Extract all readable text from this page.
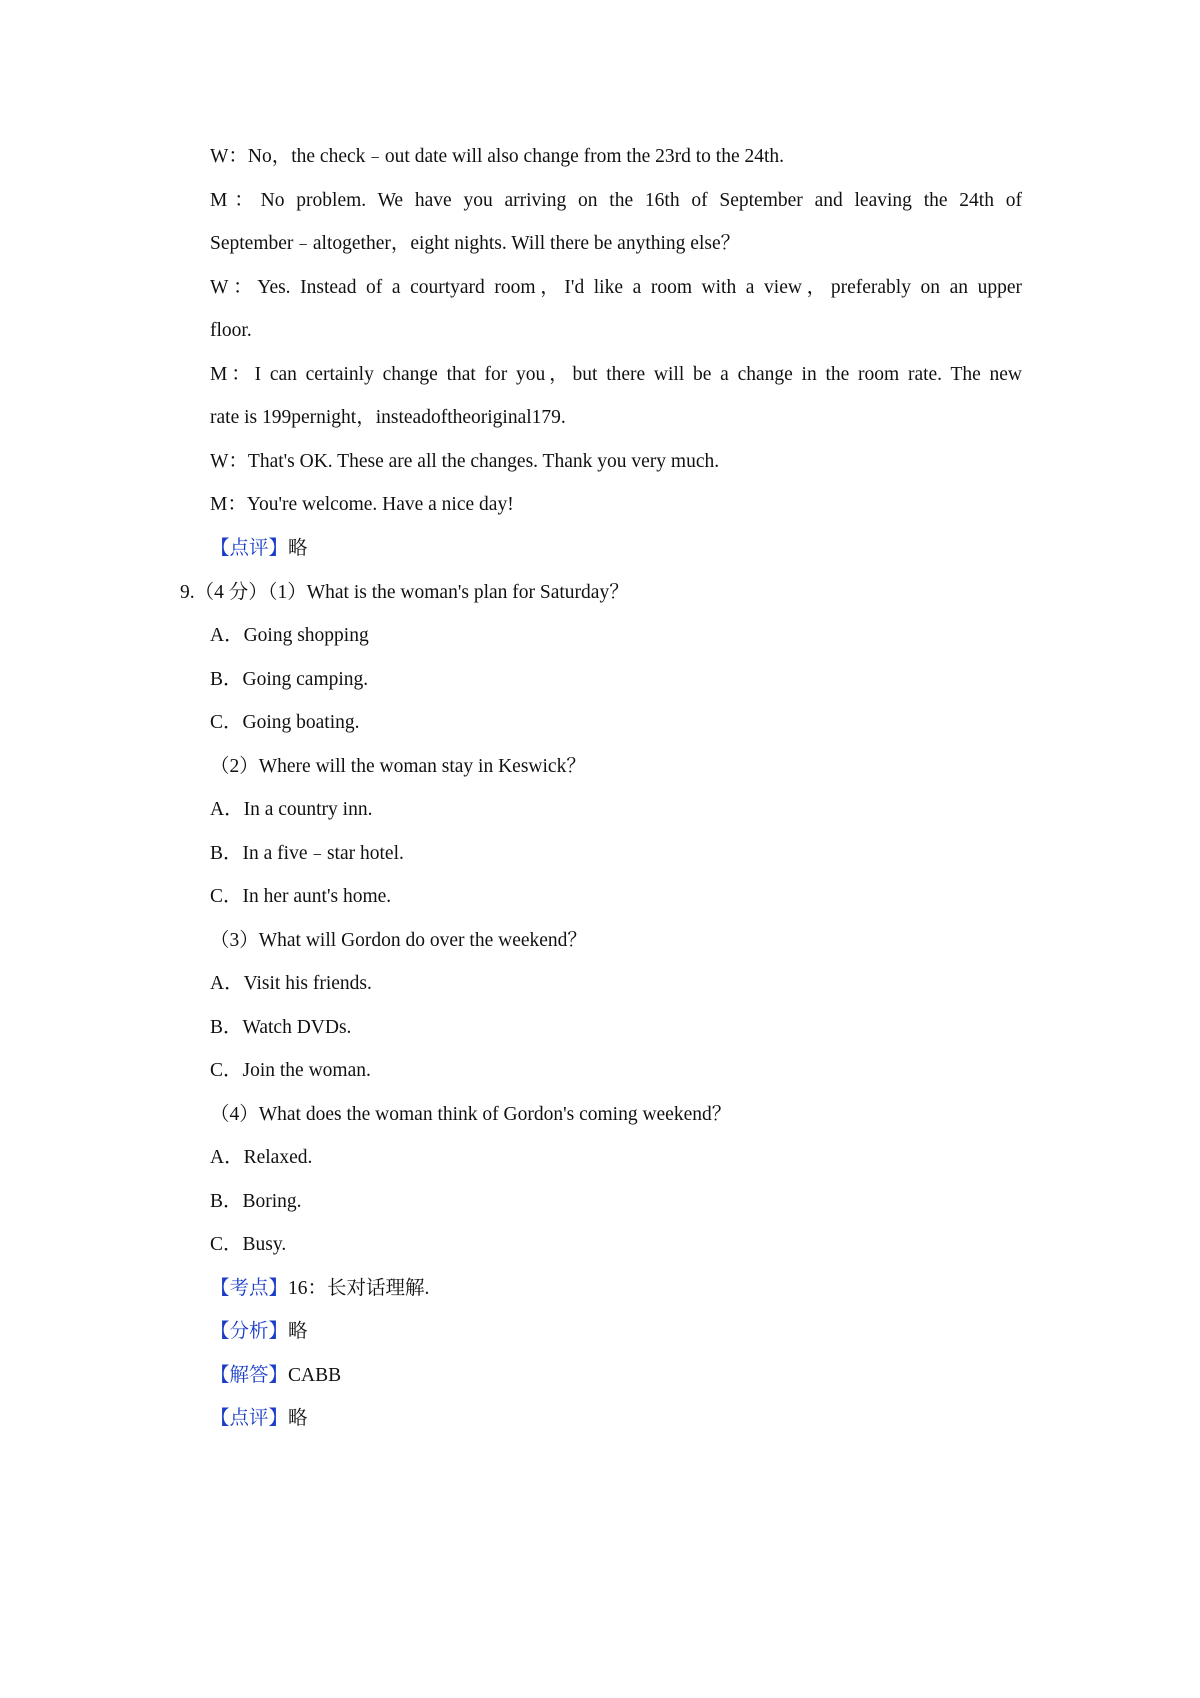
W：No，the check﹣out date will also change from the 23rd to the 24th.
M：No problem. We have you arriving on the 16th of September and leaving the 24th of
September﹣altogether，eight nights. Will there be anything else？
W：Yes. Instead of a courtyard room，I'd like a room with a view，preferably on an upper
floor.
M：I can certainly change that for you，but there will be a change in the room rate. The new
rate is 199pernight，insteadoftheoriginal179.
W：That's OK. These are all the changes. Thank you very much.
M：You're welcome. Have a nice day!
【点评】略
9.（4 分）（1）What is the woman's plan for Saturday？
A．Going shopping
B．Going camping.
C．Going boating.
（2）Where will the woman stay in Keswick？
A．In a country inn.
B．In a five﹣star hotel.
C．In her aunt's home.
（3）What will Gordon do over the weekend？
A．Visit his friends.
B．Watch DVDs.
C．Join the woman.
（4）What does the woman think of Gordon's coming weekend？
A．Relaxed.
B．Boring.
C．Busy.
【考点】16：长对话理解.
【分析】略
【解答】CABB
【点评】略
